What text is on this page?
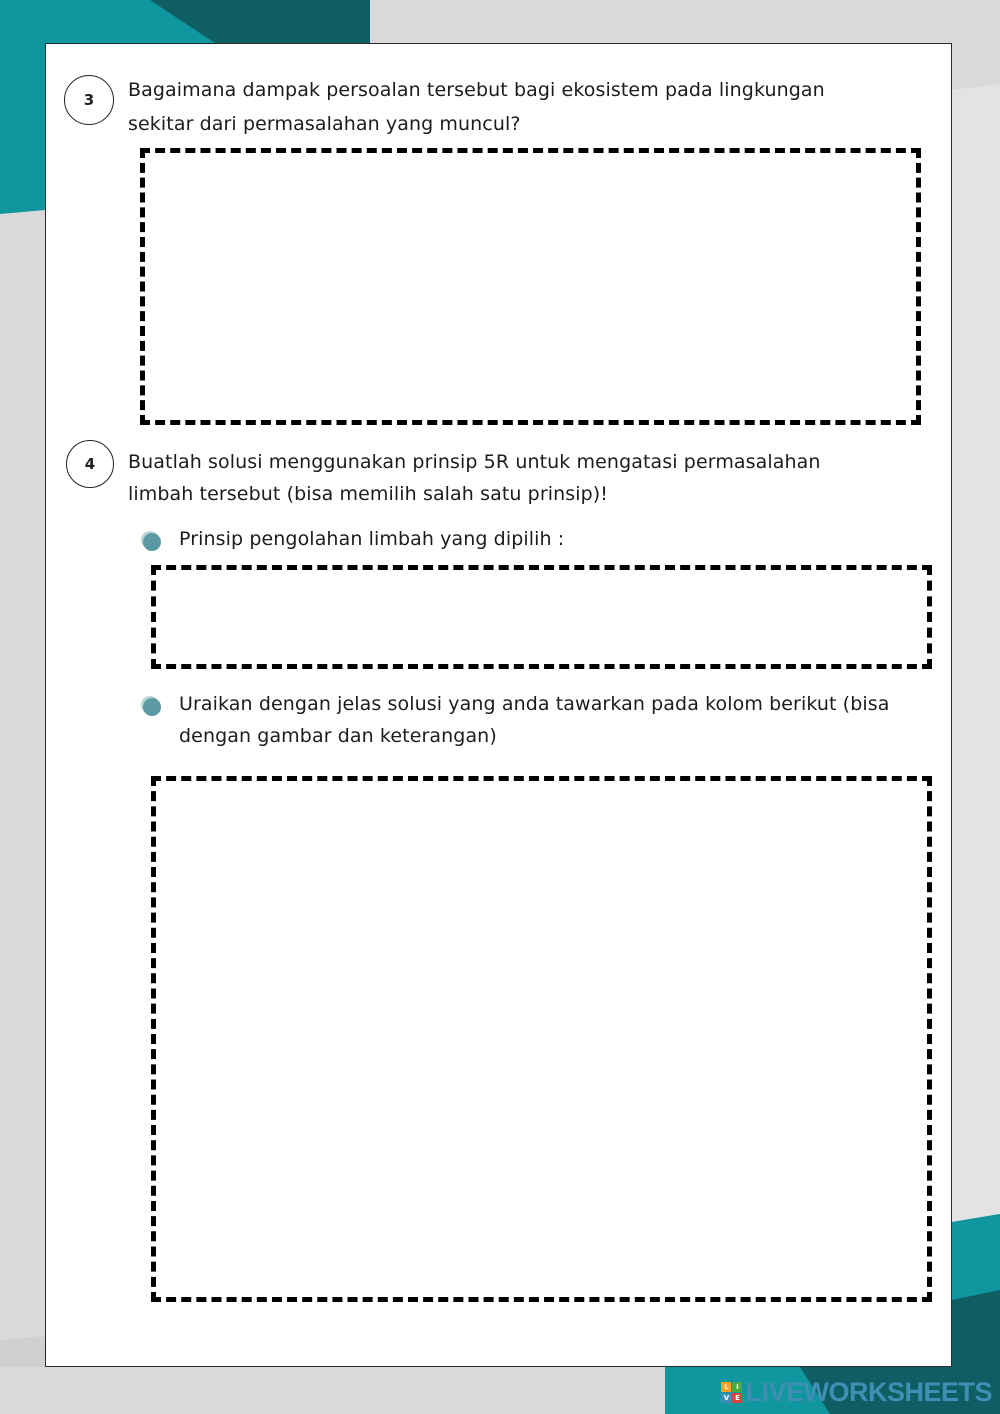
3	Bagaimana dampak persoalan tersebut bagi ekosistem pada lingkungan

sekitar dari permasalahan yang muncul?

4	Buatlah solusi menggunakan prinsip 5R untuk mengatasi permasalahan

limbah tersebut (bisa memilih salah satu prinsip)!

Prinsip pengolahan limbah yang dipilih :

Uraikan dengan jelas solusi yang anda tawarkan pada kolom berikut (bisa

dengan gambar dan keterangan)

L	I
V E LIVEWORKSHEETS
